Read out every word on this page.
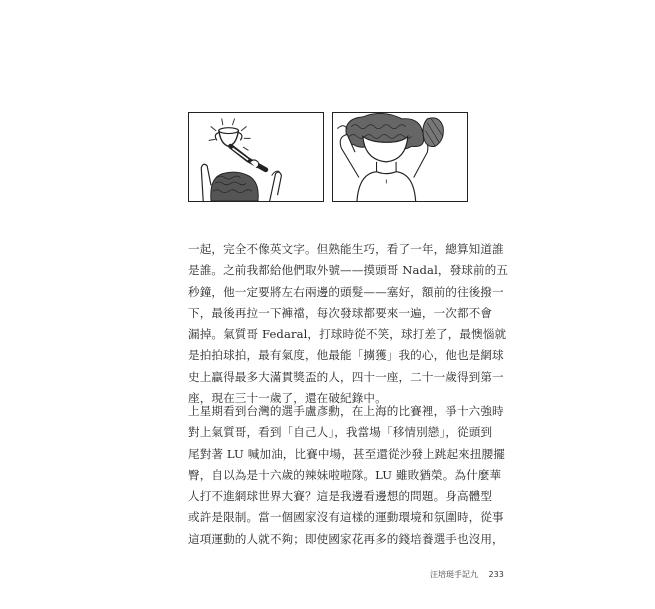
一起，完全不像英文字。但熟能生巧，看了一年，總算知道誰
是誰。之前我都給他們取外號——摸頭哥 Nadal，發球前的五
秒鐘，他一定要將左右兩邊的頭髮——塞好，額前的往後撥一
下，最後再拉一下褲襠，每次發球都要來一遍，一次都不會
漏掉。氣質哥 Fedaral，打球時從不笑，球打差了，最懊惱就
是拍拍球拍，最有氣度，他最能「擄獲」我的心，他也是網球
史上贏得最多大滿貫獎盃的人，四十一座，二十一歲得到第一
座，現在三十一歲了，還在破紀錄中。

上星期看到台灣的選手盧彥勳，在上海的比賽裡，爭十六強時
對上氣質哥，看到「自己人」，我當場「移情別戀」，從頭到
尾對著 LU 喊加油，比賽中場，甚至還從沙發上跳起來扭腰擺
臀，自以為是十六歲的辣妹啦啦隊。LU 雖敗猶榮。為什麼華
人打不進網球世界大賽？這是我邊看邊想的問題。身高體型
或許是限制。當一個國家沒有這樣的運動環境和氛圍時，從事
這項運動的人就不夠；即使國家花再多的錢培養選手也沒用，

汪培珽手記九 233
